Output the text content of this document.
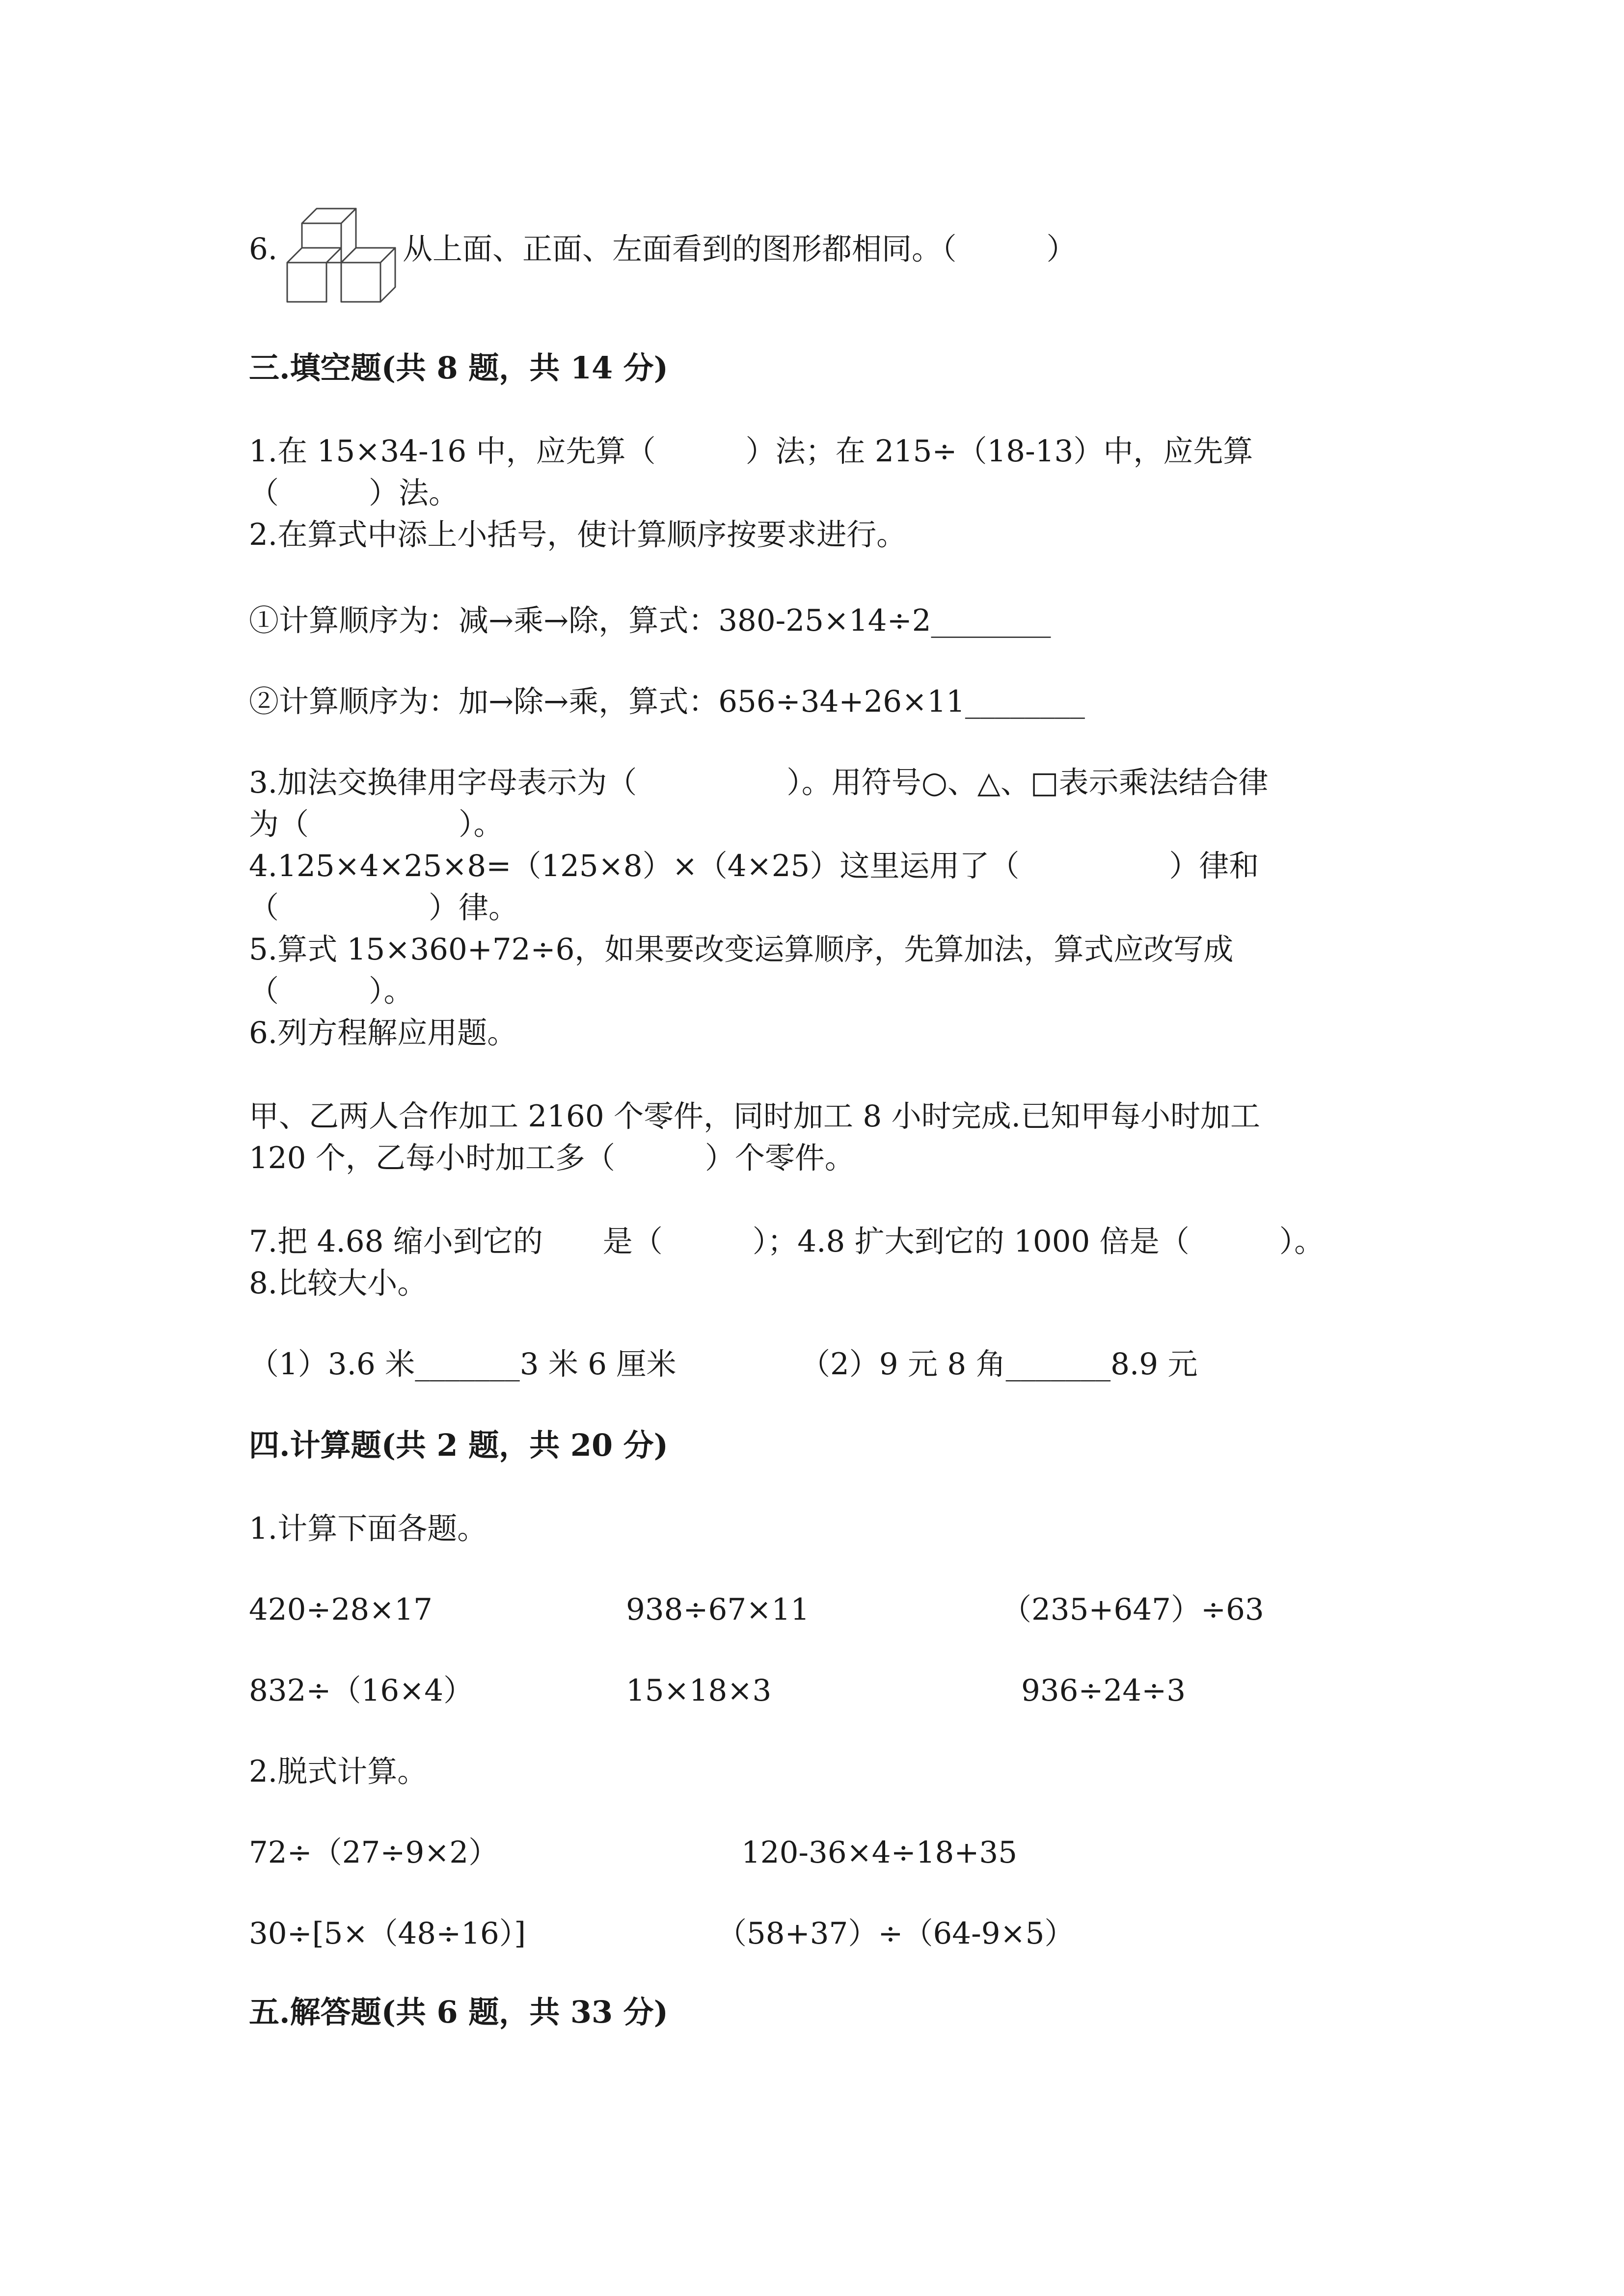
6.	从上面、正面、左面看到的图形都相同。（　　　）
三.填空题(共 8 题，共 14 分)
1.在 15×34-16 中，应先算（　　　）法；在 215÷（18-13）中，应先算
（　　　）法。
2.在算式中添上小括号，使计算顺序按要求进行。
①计算顺序为：减→乘→除，算式：380-25×14÷2________
②计算顺序为：加→除→乘，算式：656÷34+26×11________
3.加法交换律用字母表示为（　　　　　）。用符号○、△、□表示乘法结合律
为（　　　　　）。
4.125×4×25×8=（125×8）×（4×25）这里运用了（　　　　　）律和
（　　　　　）律。
5.算式 15×360+72÷6，如果要改变运算顺序，先算加法，算式应改写成
（　　　）。
6.列方程解应用题。
甲、乙两人合作加工 2160 个零件，同时加工 8 小时完成.已知甲每小时加工
120 个，乙每小时加工多（　　　）个零件。
7.把 4.68 缩小到它的　　是（　　　）；4.8 扩大到它的 1000 倍是（　　　）。
8.比较大小。
（1）3.6 米_______3 米 6 厘米	（2）9 元 8 角_______8.9 元
四.计算题(共 2 题，共 20 分)
1.计算下面各题。
420÷28×17	938÷67×11	（235+647）÷63
832÷（16×4）	15×18×3	936÷24÷3
2.脱式计算。
72÷（27÷9×2）	120-36×4÷18+35
30÷[5×（48÷16）]	（58+37）÷（64-9×5）
五.解答题(共 6 题，共 33 分)
